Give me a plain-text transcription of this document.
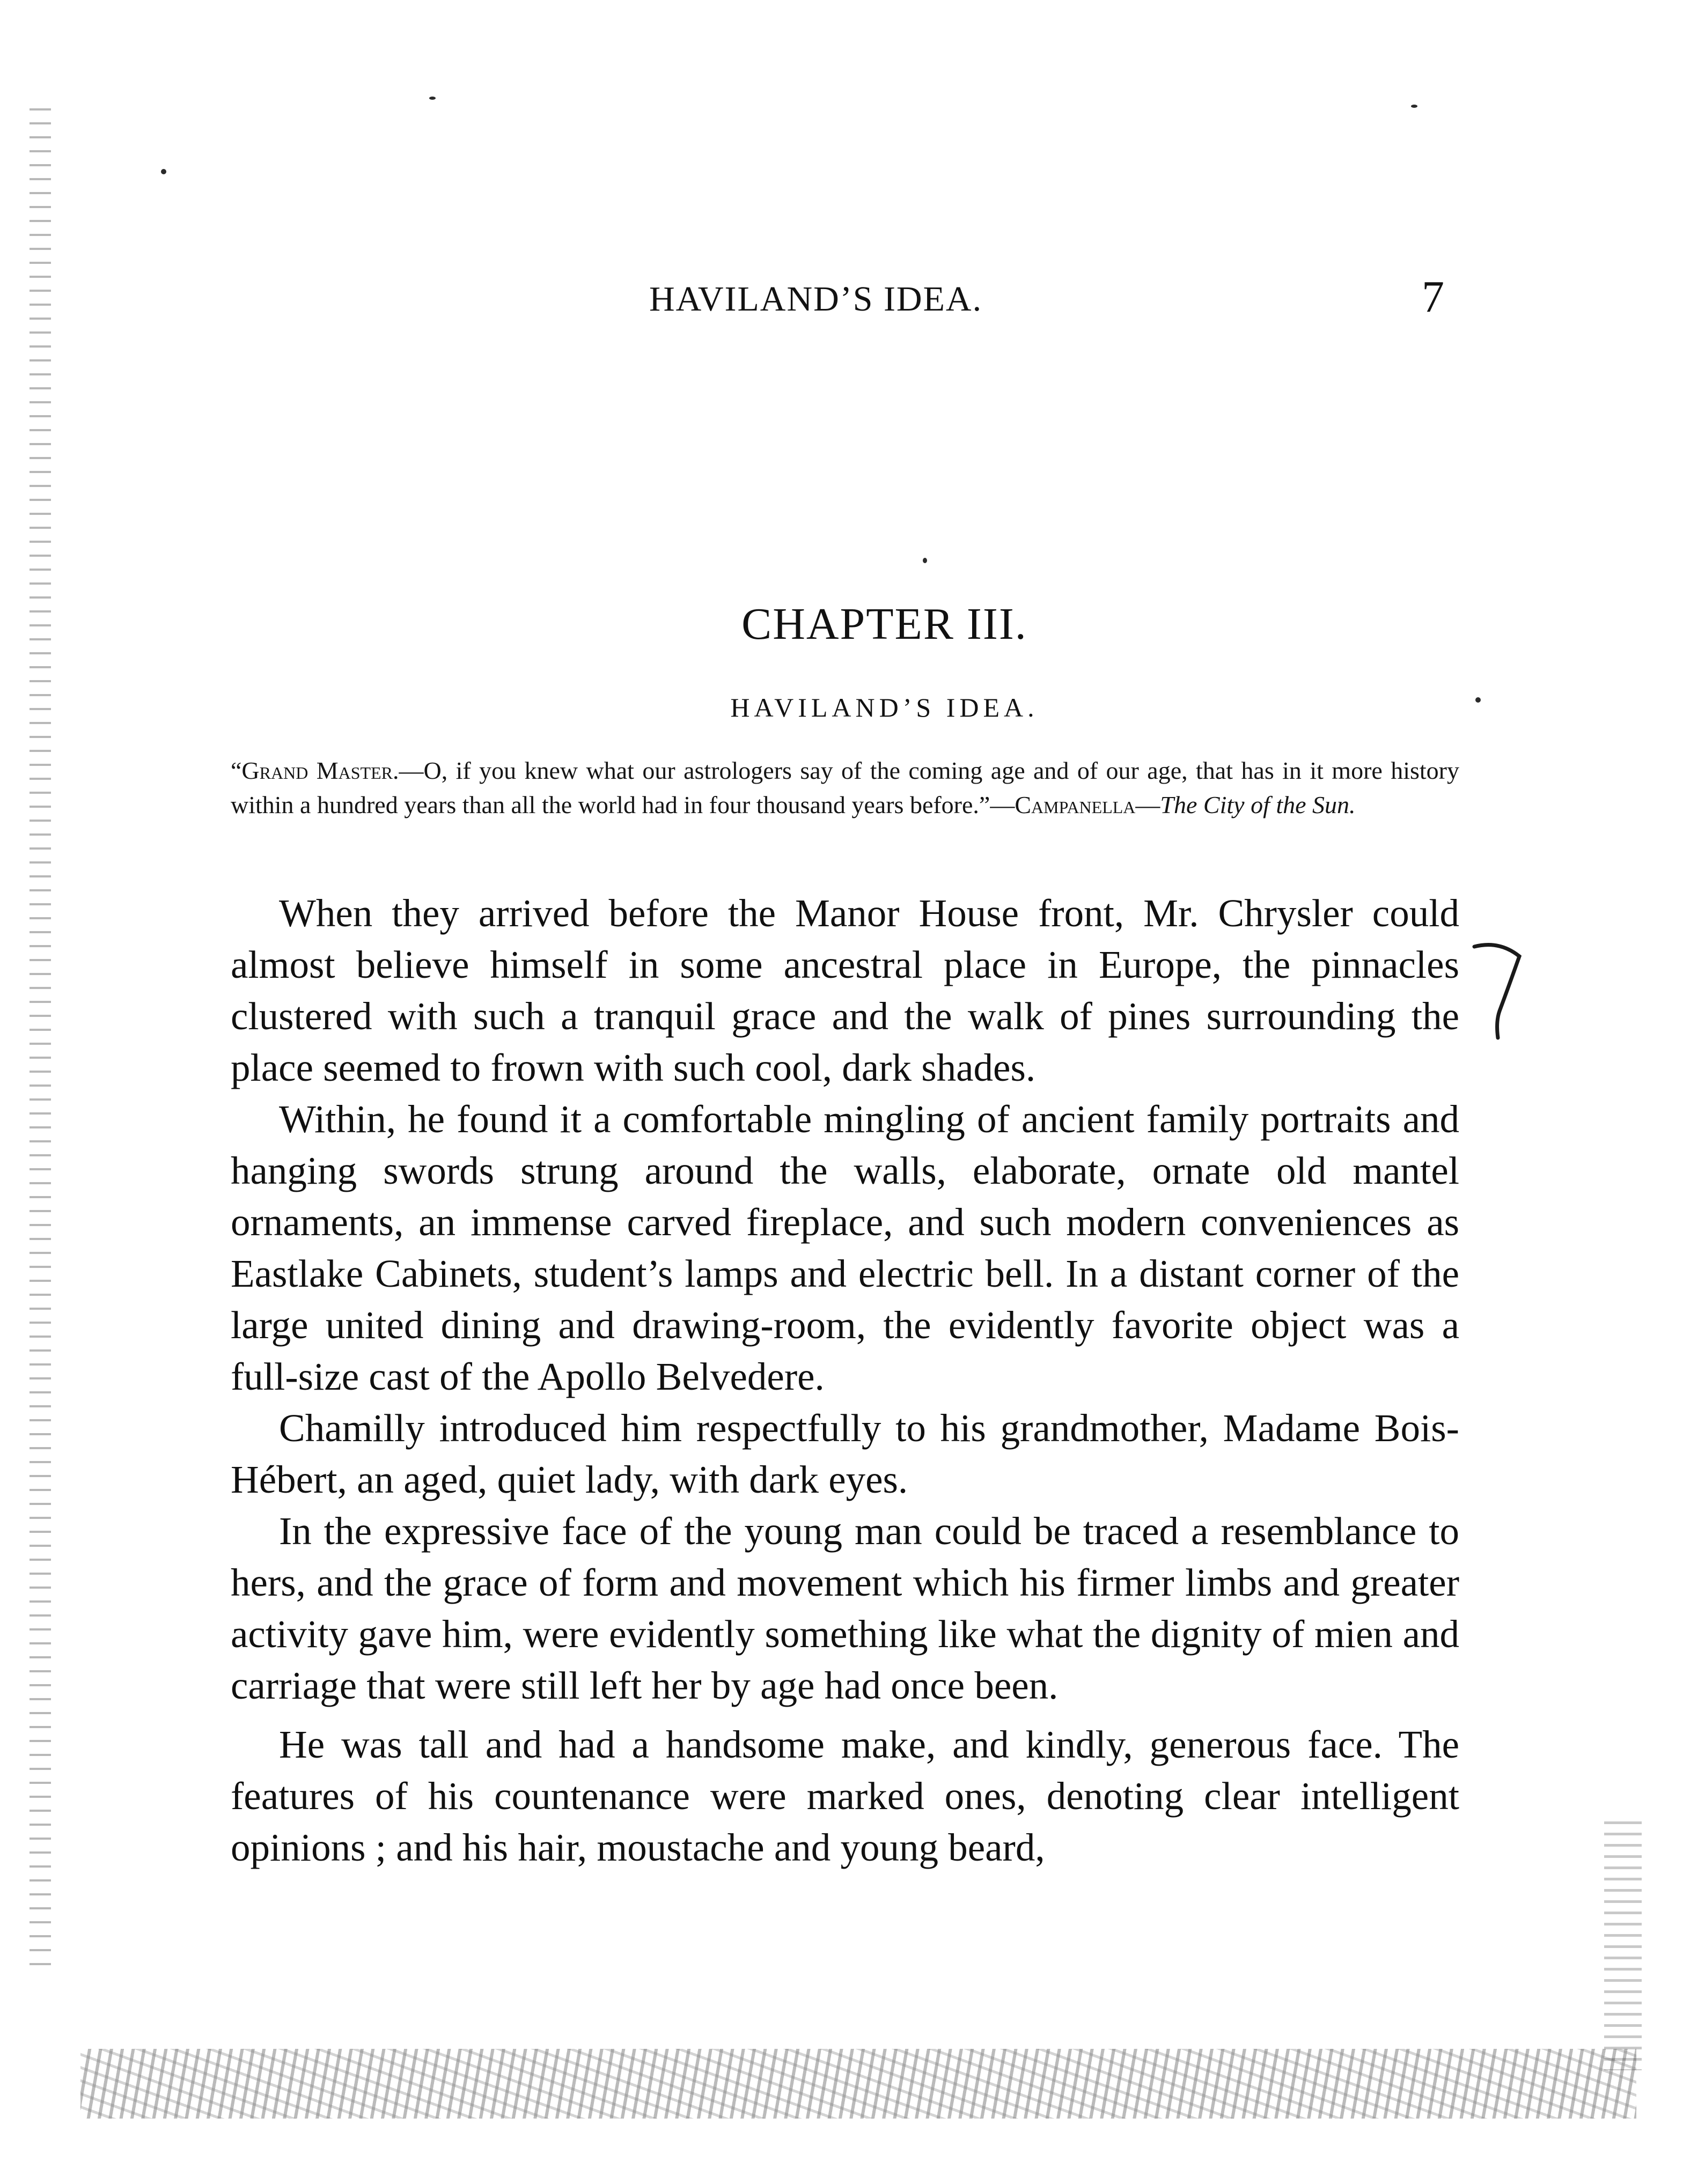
HAVILAND’S IDEA.	7
CHAPTER III.
HAVILAND’S IDEA.
“Grand Master.—O, if you knew what our astrologers say of the coming age and of our age, that has in it more history within a hundred years than all the world had in four thousand years before.”—Campanella—The City of the Sun.

When they arrived before the Manor House front, Mr. Chrysler could almost believe himself in some ancestral place in Europe, the pinnacles clustered with such a tranquil grace and the walk of pines surrounding the place seemed to frown with such cool, dark shades.

Within, he found it a comfortable mingling of ancient family portraits and hanging swords strung around the walls, elaborate, ornate old mantel ornaments, an immense carved fireplace, and such modern conveniences as Eastlake Cabinets, student’s lamps and electric bell. In a distant corner of the large united dining and drawing-room, the evidently favorite object was a full-size cast of the Apollo Belvedere.

Chamilly introduced him respectfully to his grandmother, Madame Bois-Hébert, an aged, quiet lady, with dark eyes.

In the expressive face of the young man could be traced a resemblance to hers, and the grace of form and movement which his firmer limbs and greater activity gave him, were evidently something like what the dignity of mien and carriage that were still left her by age had once been.

He was tall and had a handsome make, and kindly, generous face. The features of his countenance were marked ones, denoting clear intelligent opinions ; and his hair, moustache and young beard,
